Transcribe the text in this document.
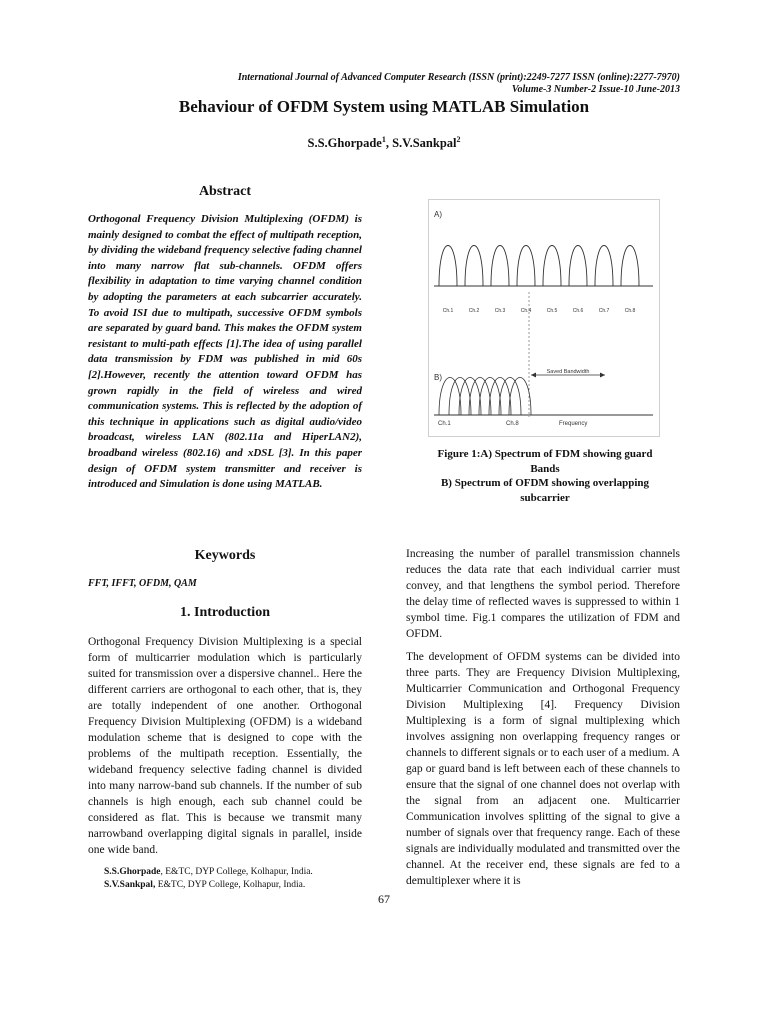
International Journal of Advanced Computer Research (ISSN (print):2249-7277 ISSN (online):2277-7970)
Volume-3 Number-2 Issue-10 June-2013
Behaviour of OFDM System using MATLAB Simulation
S.S.Ghorpade$^1$, S.V.Sankpal$^2$
Abstract
Orthogonal Frequency Division Multiplexing (OFDM) is mainly designed to combat the effect of multipath reception, by dividing the wideband frequency selective fading channel into many narrow flat sub-channels. OFDM offers flexibility in adaptation to time varying channel condition by adopting the parameters at each subcarrier accurately. To avoid ISI due to multipath, successive OFDM symbols are separated by guard band. This makes the OFDM system resistant to multi-path effects [1].The idea of using parallel data transmission by FDM was published in mid 60s [2].However, recently the attention toward OFDM has grown rapidly in the field of wireless and wired communication systems. This is reflected by the adoption of this technique in applications such as digital audio/video broadcast, wireless LAN (802.11a and HiperLAN2), broadband wireless (802.16) and xDSL [3]. In this paper design of OFDM system transmitter and receiver is introduced and Simulation is done using MATLAB.
Keywords
FFT, IFFT, OFDM, QAM
1. Introduction
Orthogonal Frequency Division Multiplexing is a special form of multicarrier modulation which is particularly suited for transmission over a dispersive channel.. Here the different carriers are orthogonal to each other, that is, they are totally independent of one another. Orthogonal Frequency Division Multiplexing (OFDM) is a wideband modulation scheme that is designed to cope with the problems of the multipath reception. Essentially, the wideband frequency selective fading channel is divided into many narrow-band sub channels. If the number of sub channels is high enough, each sub channel could be considered as flat. This is because we transmit many narrowband overlapping digital signals in parallel, inside one wide band.
S.S.Ghorpade, E&TC, DYP College, Kolhapur, India.
S.V.Sankpal, E&TC, DYP College, Kolhapur, India.
67
A)
Ch.1	Ch.2	Ch.3	Ch.4	Ch.5	Ch.6	Ch.7	Ch.8
B)
Saved Bandwidth
Ch.1	Ch.8	Frequency
Figure 1:A) Spectrum of FDM showing guard
Bands
B) Spectrum of OFDM showing overlapping
subcarrier
Increasing the number of parallel transmission channels reduces the data rate that each individual carrier must convey, and that lengthens the symbol period. Therefore the delay time of reflected waves is suppressed to within 1 symbol time. Fig.1 compares the utilization of FDM and OFDM.
The development of OFDM systems can be divided into three parts. They are Frequency Division Multiplexing, Multicarrier Communication and Orthogonal Frequency Division Multiplexing [4]. Frequency Division Multiplexing is a form of signal multiplexing which involves assigning non overlapping frequency ranges or channels to different signals or to each user of a medium. A gap or guard band is left between each of these channels to ensure that the signal of one channel does not overlap with the signal from an adjacent one. Multicarrier Communication involves splitting of the signal to give a number of signals over that frequency range. Each of these signals are individually modulated and transmitted over the channel. At the receiver end, these signals are fed to a demultiplexer where it is
